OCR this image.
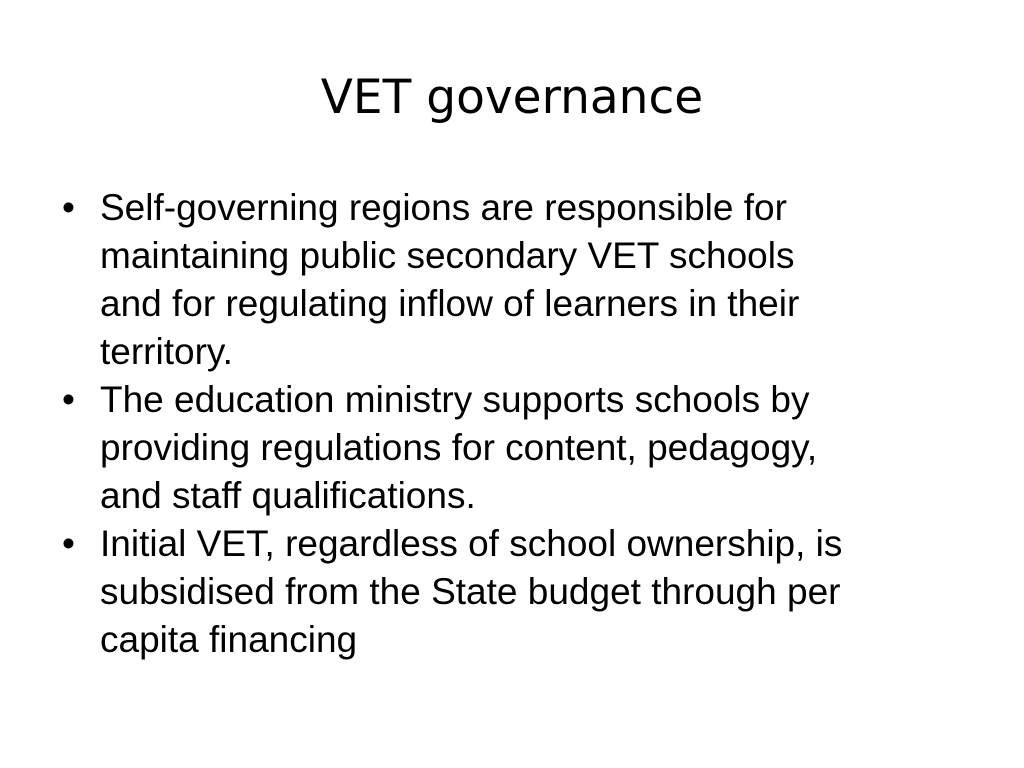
VET governance
• Self-governing regions are responsible for
maintaining public secondary VET schools
and for regulating inflow of learners in their
territory.
• The education ministry supports schools by
providing regulations for content, pedagogy,
and staff qualifications.
• Initial VET, regardless of school ownership, is
subsidised from the State budget through per
capita financing
